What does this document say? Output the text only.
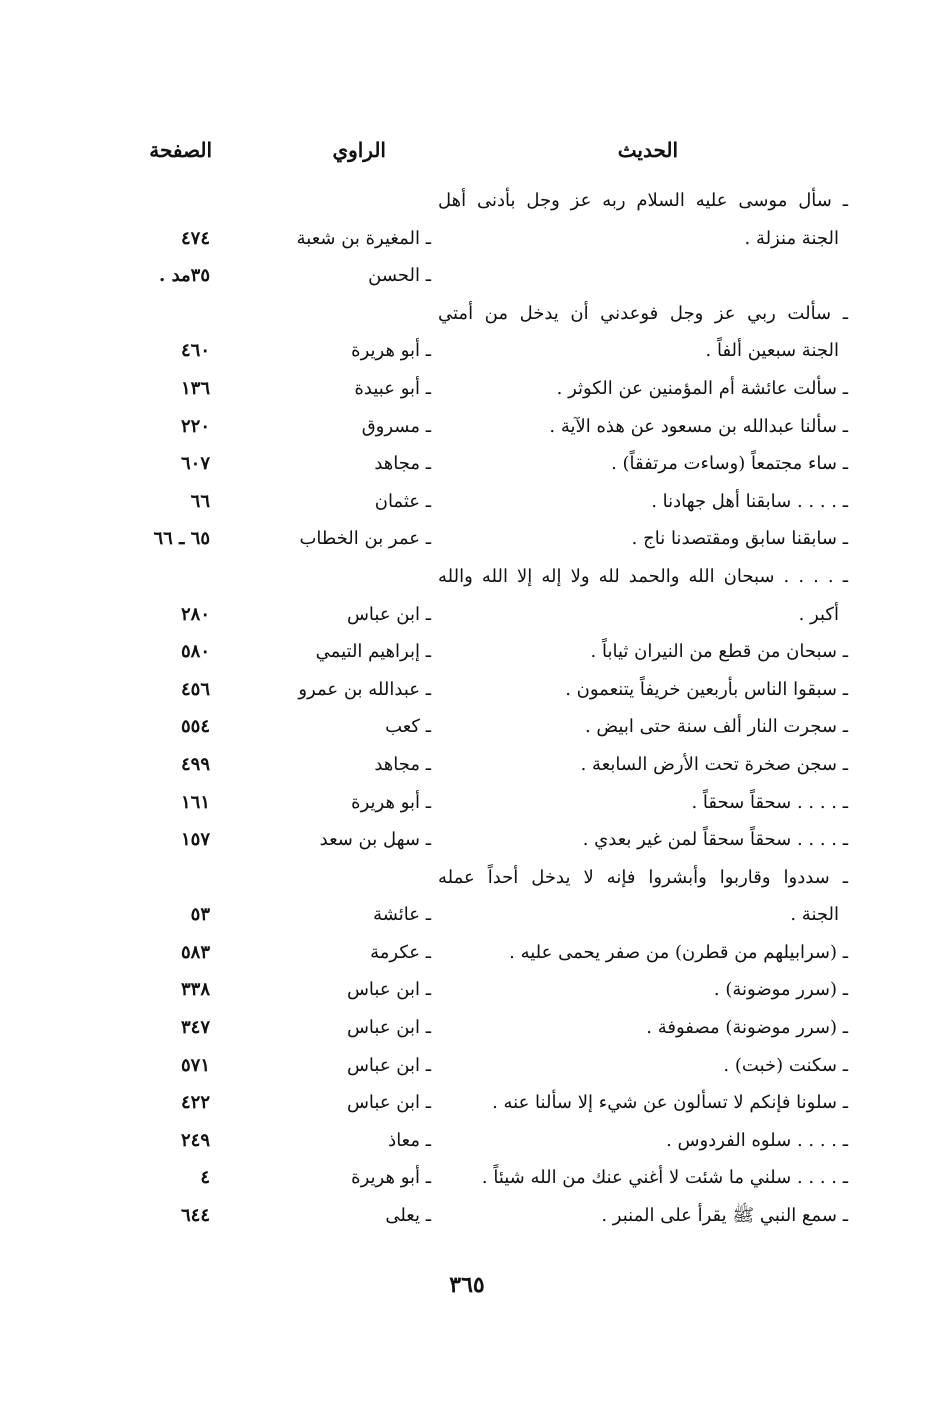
الحديث
الراوي
الصفحة
ـ سأل موسى عليه السلام ربه عز وجل بأدنى أهل
الجنة منزلة .
ـ المغيرة بن شعبة
٤٧٤
ـ الحسن
٣٥مد .
ـ سألت ربي عز وجل فوعدني أن يدخل من أمتي
الجنة سبعين ألفاً .
ـ أبو هريرة
٤٦٠
ـ سألت عائشة أم المؤمنين عن الكوثر .
ـ أبو عبيدة
١٣٦
ـ سألنا عبدالله بن مسعود عن هذه الآية .
ـ مسروق
٢٢٠
ـ ساء مجتمعاً (وساءت مرتفقاً) .
ـ مجاهد
٦٠٧
ـ . . . . سابقنا أهل جهادنا .
ـ عثمان
٦٦
ـ سابقنا سابق ومقتصدنا ناج .
ـ عمر بن الخطاب
٦٥ ـ ٦٦
ـ . . . . سبحان الله والحمد لله ولا إله إلا الله والله
أكبر .
ـ ابن عباس
٢٨٠
ـ سبحان من قطع من النيران ثياباً .
ـ إبراهيم التيمي
٥٨٠
ـ سبقوا الناس بأربعين خريفاً يتنعمون .
ـ عبدالله بن عمرو
٤٥٦
ـ سجرت النار ألف سنة حتى ابيض .
ـ كعب
٥٥٤
ـ سجن صخرة تحت الأرض السابعة .
ـ مجاهد
٤٩٩
ـ . . . . سحقاً سحقاً .
ـ أبو هريرة
١٦١
ـ . . . . سحقاً سحقاً لمن غير بعدي .
ـ سهل بن سعد
١٥٧
ـ سددوا وقاربوا وأبشروا فإنه لا يدخل أحداً عمله
الجنة .
ـ عائشة
٥٣
ـ (سرابيلهم من قطرن) من صفر يحمى عليه .
ـ عكرمة
٥٨٣
ـ (سرر موضونة) .
ـ ابن عباس
٣٣٨
ـ (سرر موضونة) مصفوفة .
ـ ابن عباس
٣٤٧
ـ سكنت (خبت) .
ـ ابن عباس
٥٧١
ـ سلونا فإنكم لا تسألون عن شيء إلا سألنا عنه .
ـ ابن عباس
٤٢٢
ـ . . . . سلوه الفردوس .
ـ معاذ
٢٤٩
ـ . . . . سلني ما شئت لا أغني عنك من الله شيئاً .
ـ أبو هريرة
٤
ـ سمع النبي ﷺ يقرأ على المنبر .
ـ يعلى
٦٤٤
٣٦٥
